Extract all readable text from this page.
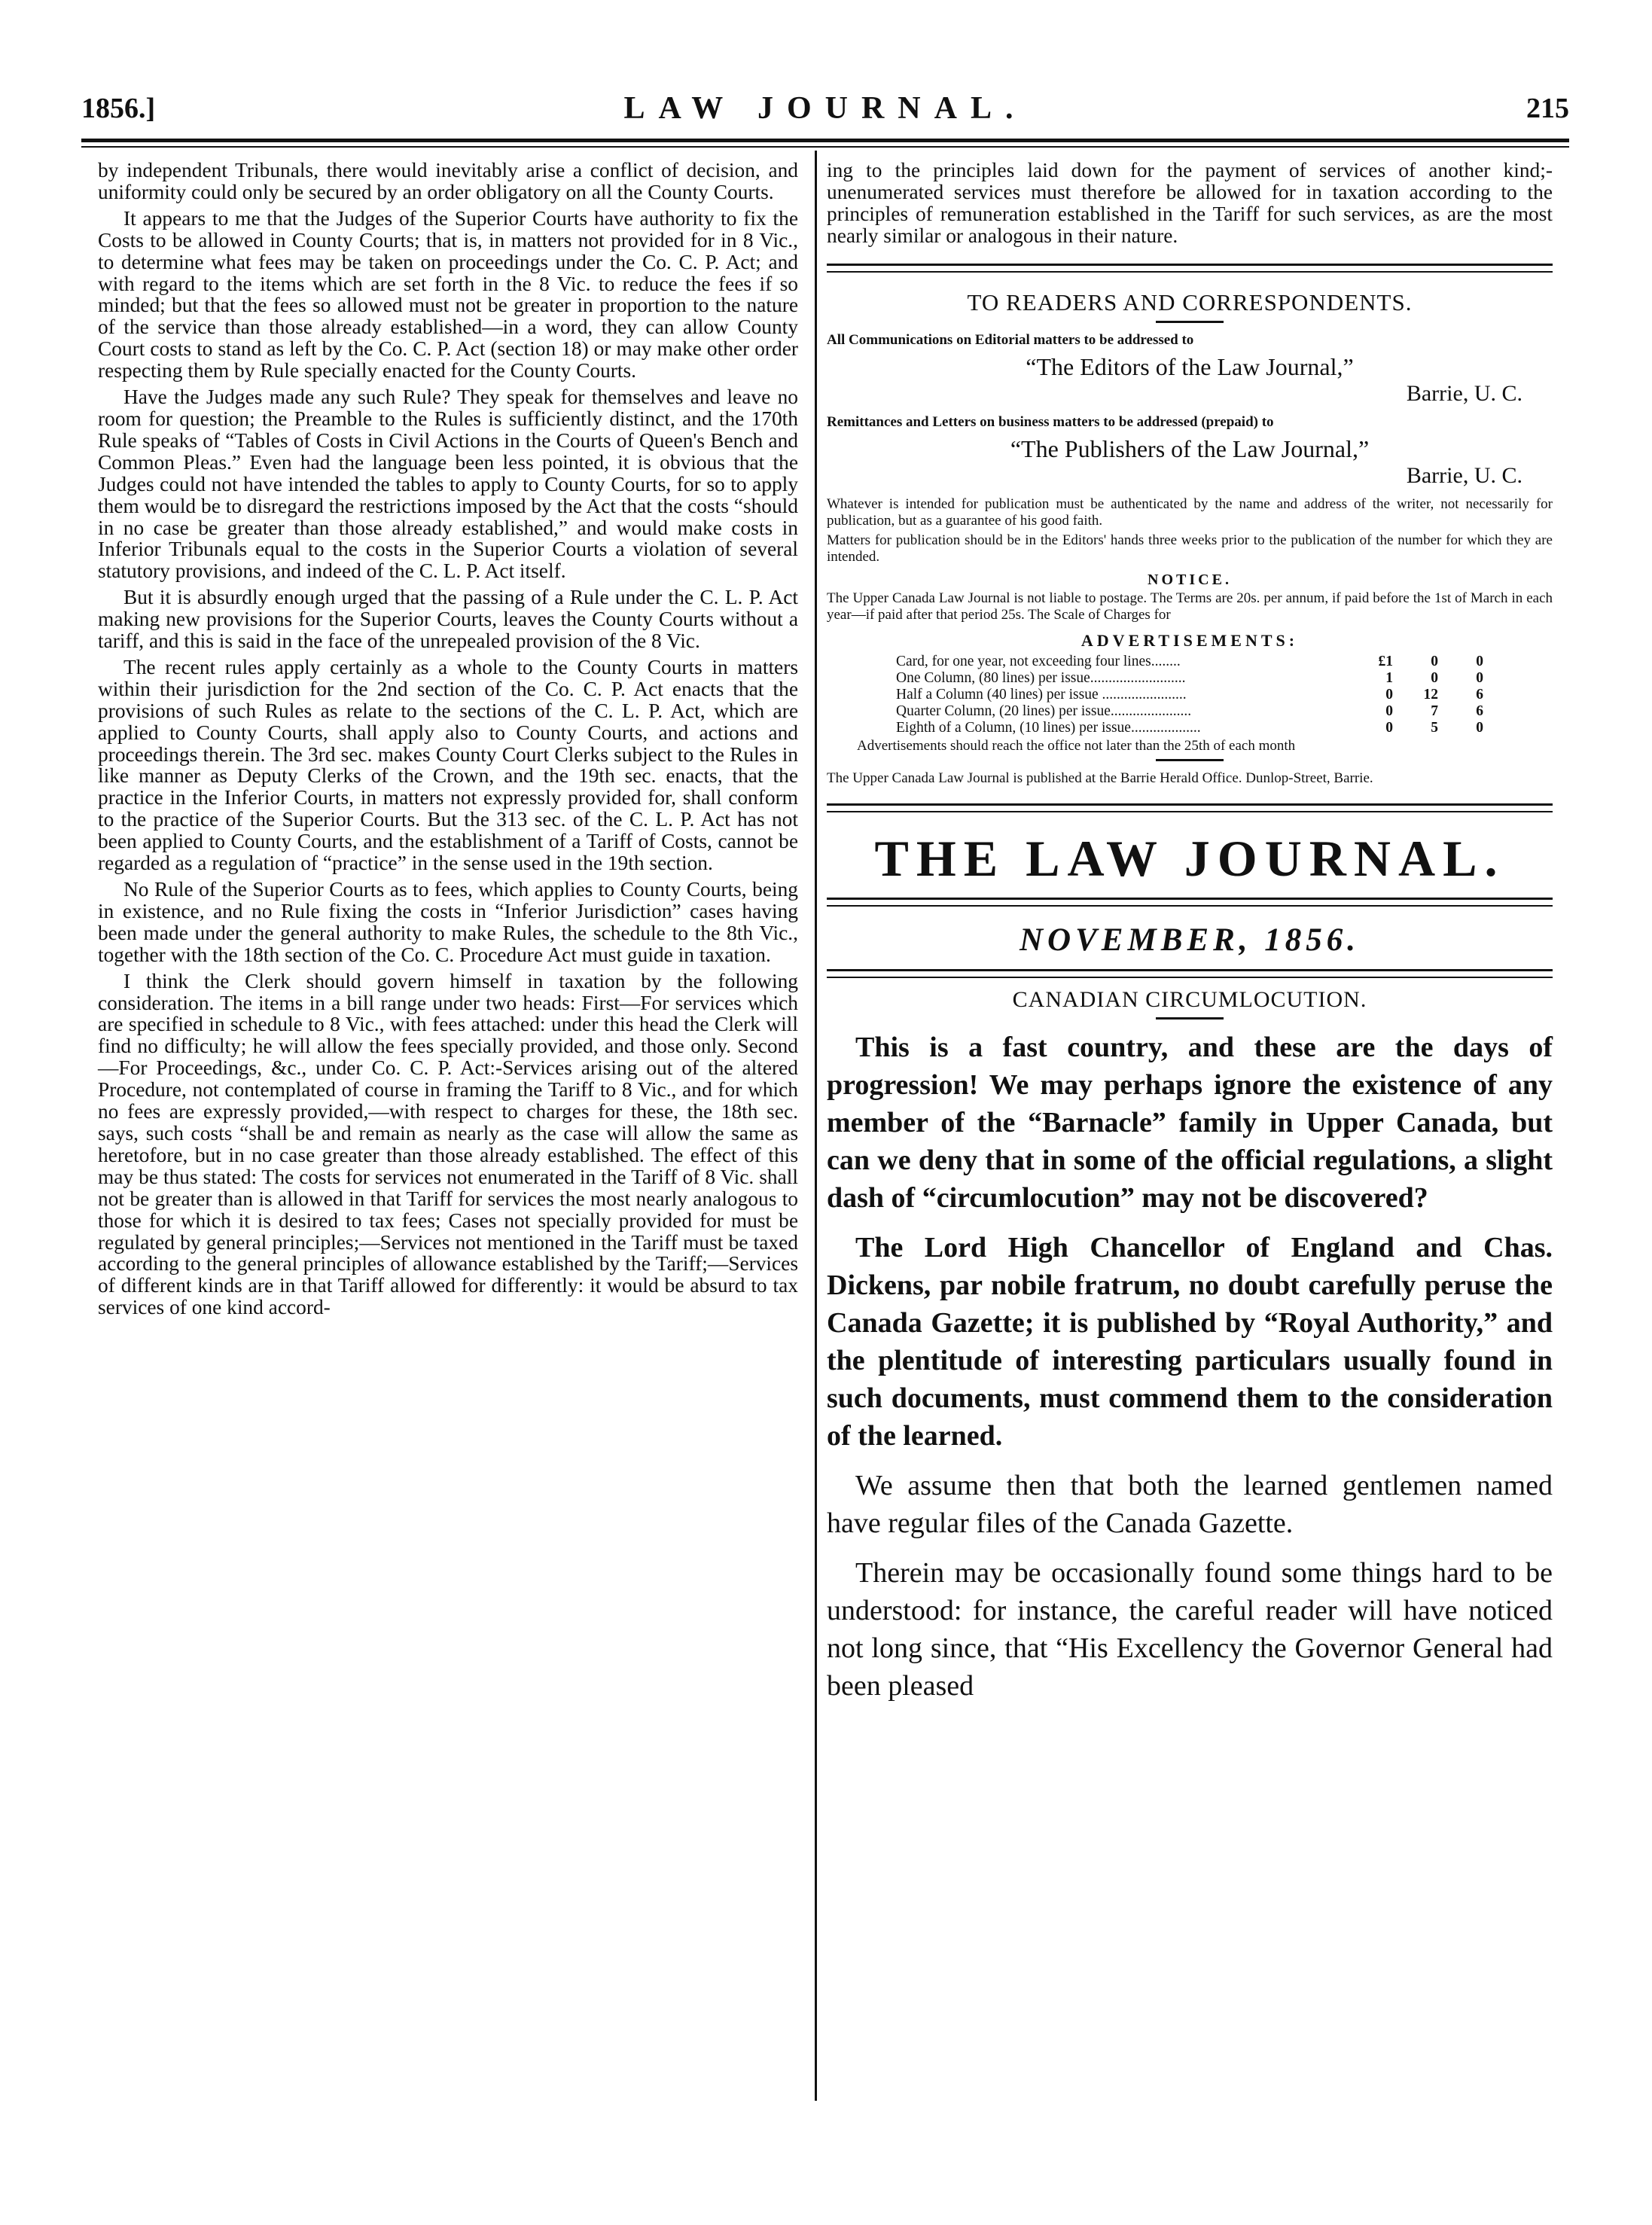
1856.]	LAW JOURNAL.	215

by independent Tribunals, there would inevitably arise a conflict of decision, and uniformity could only be secured by an order obligatory on all the County Courts.

It appears to me that the Judges of the Superior Courts have authority to fix the Costs to be allowed in County Courts; that is, in matters not provided for in 8 Vic., to determine what fees may be taken on proceedings under the Co. C. P. Act; and with regard to the items which are set forth in the 8 Vic. to reduce the fees if so minded; but that the fees so allowed must not be greater in proportion to the nature of the service than those already established—in a word, they can allow County Court costs to stand as left by the Co. C. P. Act (section 18) or may make other order respecting them by Rule specially enacted for the County Courts.

Have the Judges made any such Rule? They speak for themselves and leave no room for question; the Preamble to the Rules is sufficiently distinct, and the 170th Rule speaks of “Tables of Costs in Civil Actions in the Courts of Queen's Bench and Common Pleas.” Even had the language been less pointed, it is obvious that the Judges could not have intended the tables to apply to County Courts, for so to apply them would be to disregard the restrictions imposed by the Act that the costs “should in no case be greater than those already established,” and would make costs in Inferior Tribunals equal to the costs in the Superior Courts a violation of several statutory provisions, and indeed of the C. L. P. Act itself.

But it is absurdly enough urged that the passing of a Rule under the C. L. P. Act making new provisions for the Superior Courts, leaves the County Courts without a tariff, and this is said in the face of the unrepealed provision of the 8 Vic.

The recent rules apply certainly as a whole to the County Courts in matters within their jurisdiction for the 2nd section of the Co. C. P. Act enacts that the provisions of such Rules as relate to the sections of the C. L. P. Act, which are applied to County Courts, shall apply also to County Courts, and actions and proceedings therein. The 3rd sec. makes County Court Clerks subject to the Rules in like manner as Deputy Clerks of the Crown, and the 19th sec. enacts, that the practice in the Inferior Courts, in matters not expressly provided for, shall conform to the practice of the Superior Courts. But the 313 sec. of the C. L. P. Act has not been applied to County Courts, and the establishment of a Tariff of Costs, cannot be regarded as a regulation of “practice” in the sense used in the 19th section.

No Rule of the Superior Courts as to fees, which applies to County Courts, being in existence, and no Rule fixing the costs in “Inferior Jurisdiction” cases having been made under the general authority to make Rules, the schedule to the 8th Vic., together with the 18th section of the Co. C. Procedure Act must guide in taxation.

I think the Clerk should govern himself in taxation by the following consideration. The items in a bill range under two heads: First—For services which are specified in schedule to 8 Vic., with fees attached: under this head the Clerk will find no difficulty; he will allow the fees specially provided, and those only. Second—For Proceedings, &c., under Co. C. P. Act:-Services arising out of the altered Procedure, not contemplated of course in framing the Tariff to 8 Vic., and for which no fees are expressly provided,—with respect to charges for these, the 18th sec. says, such costs “shall be and remain as nearly as the case will allow the same as heretofore, but in no case greater than those already established. The effect of this may be thus stated: The costs for services not enumerated in the Tariff of 8 Vic. shall not be greater than is allowed in that Tariff for services the most nearly analogous to those for which it is desired to tax fees; Cases not specially provided for must be regulated by general principles;—Services not mentioned in the Tariff must be taxed according to the general principles of allowance established by the Tariff;—Services of different kinds are in that Tariff allowed for differently: it would be absurd to tax services of one kind accord-

ing to the principles laid down for the payment of services of another kind;-unenumerated services must therefore be allowed for in taxation according to the principles of remuneration established in the Tariff for such services, as are the most nearly similar or analogous in their nature.

TO READERS AND CORRESPONDENTS.
All Communications on Editorial matters to be addressed to
“The Editors of the Law Journal,”
Barrie, U. C.
Remittances and Letters on business matters to be addressed (prepaid) to
“The Publishers of the Law Journal,”
Barrie, U. C.
Whatever is intended for publication must be authenticated by the name and address of the writer, not necessarily for publication, but as a guarantee of his good faith.
Matters for publication should be in the Editors' hands three weeks prior to the publication of the number for which they are intended.
NOTICE.
The Upper Canada Law Journal is not liable to postage. The Terms are 20s. per annum, if paid before the 1st of March in each year—if paid after that period 25s. The Scale of Charges for
ADVERTISEMENTS:
Card, for one year, not exceeding four lines........	£1	0	0
One Column, (80 lines) per issue..........................	1	0	0
Half a Column (40 lines) per issue .......................	0	12	6
Quarter Column, (20 lines) per issue......................	0	7	6
Eighth of a Column, (10 lines) per issue...................	0	5	0
Advertisements should reach the office not later than the 25th of each month
The Upper Canada Law Journal is published at the Barrie Herald Office. Dunlop-Street, Barrie.
THE LAW JOURNAL.
NOVEMBER, 1856.
CANADIAN CIRCUMLOCUTION.

This is a fast country, and these are the days of progression! We may perhaps ignore the existence of any member of the “Barnacle” family in Upper Canada, but can we deny that in some of the official regulations, a slight dash of “circumlocution” may not be discovered?

The Lord High Chancellor of England and Chas. Dickens, par nobile fratrum, no doubt carefully peruse the Canada Gazette; it is published by “Royal Authority,” and the plentitude of interesting particulars usually found in such documents, must commend them to the consideration of the learned.

We assume then that both the learned gentlemen named have regular files of the Canada Gazette.

Therein may be occasionally found some things hard to be understood: for instance, the careful reader will have noticed not long since, that “His Excellency the Governor General had been pleased
